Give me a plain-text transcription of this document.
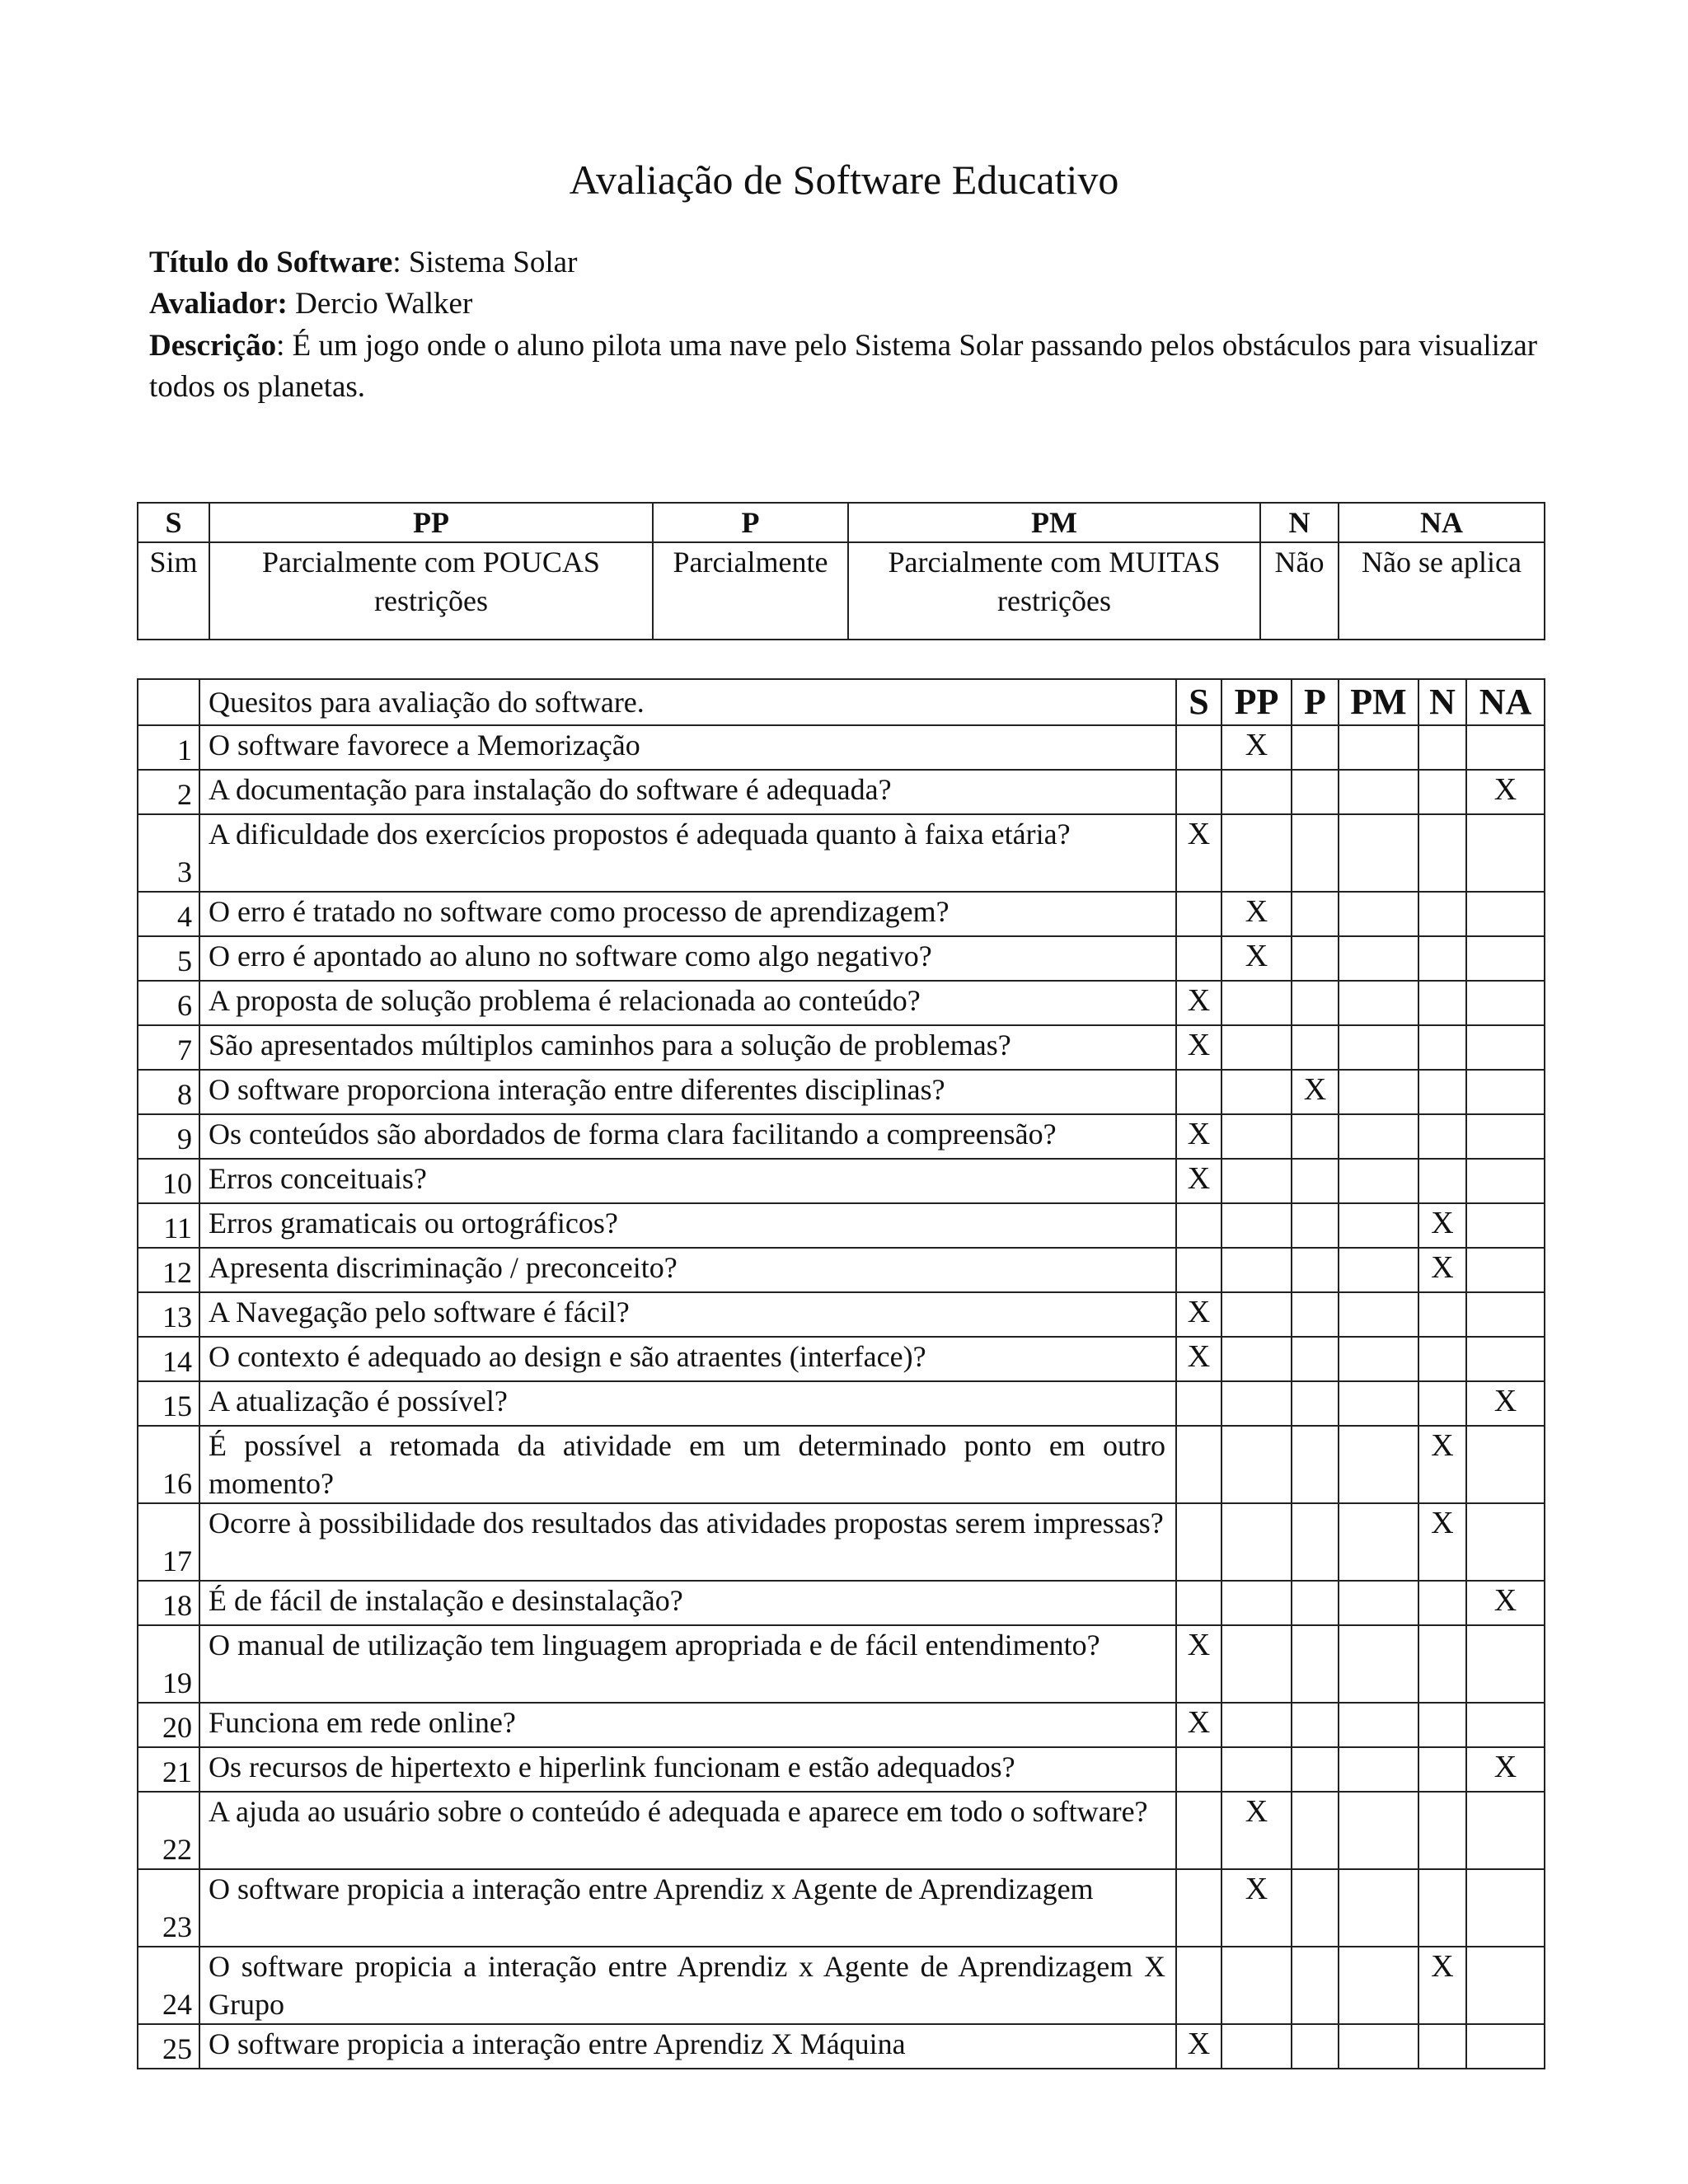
Avaliação de Software Educativo
Título do Software: Sistema Solar
Avaliador: Dercio Walker
Descrição: É um jogo onde o aluno pilota uma nave pelo Sistema Solar passando pelos obstáculos para visualizar todos os planetas.
S	PP	P	PM	N	NA
Sim	Parcialmente com POUCAS restrições	Parcialmente	Parcialmente com MUITAS restrições	Não	Não se aplica
	Quesitos para avaliação do software.	S	PP	P	PM	N	NA
1	O software favorece a Memorização		X				
2	A documentação para instalação do software é adequada?						X
3	A dificuldade dos exercícios propostos é adequada quanto à faixa etária?	X					
4	O erro é tratado no software como processo de aprendizagem?		X				
5	O erro é apontado ao aluno no software como algo negativo?		X				
6	A proposta de solução problema é relacionada ao conteúdo?	X					
7	São apresentados múltiplos caminhos para a solução de problemas?	X					
8	O software proporciona interação entre diferentes disciplinas?			X			
9	Os conteúdos são abordados de forma clara facilitando a compreensão?	X					
10	Erros conceituais?	X					
11	Erros gramaticais ou ortográficos?					X	
12	Apresenta discriminação / preconceito?					X	
13	A Navegação pelo software é fácil?	X					
14	O contexto é adequado ao design e são atraentes (interface)?	X					
15	A atualização é possível?						X
16	É possível a retomada da atividade em um determinado ponto em outro momento?					X	
17	Ocorre à possibilidade dos resultados das atividades propostas serem impressas?					X	
18	É de fácil de instalação e desinstalação?						X
19	O manual de utilização tem linguagem apropriada e de fácil entendimento?	X					
20	Funciona em rede online?	X					
21	Os recursos de hipertexto e hiperlink funcionam e estão adequados?						X
22	A ajuda ao usuário sobre o conteúdo é adequada e aparece em todo o software?		X				
23	O software propicia a interação entre Aprendiz x Agente de Aprendizagem		X				
24	O software propicia a interação entre Aprendiz x Agente de Aprendizagem X Grupo					X	
25	O software propicia a interação entre Aprendiz X Máquina	X					
